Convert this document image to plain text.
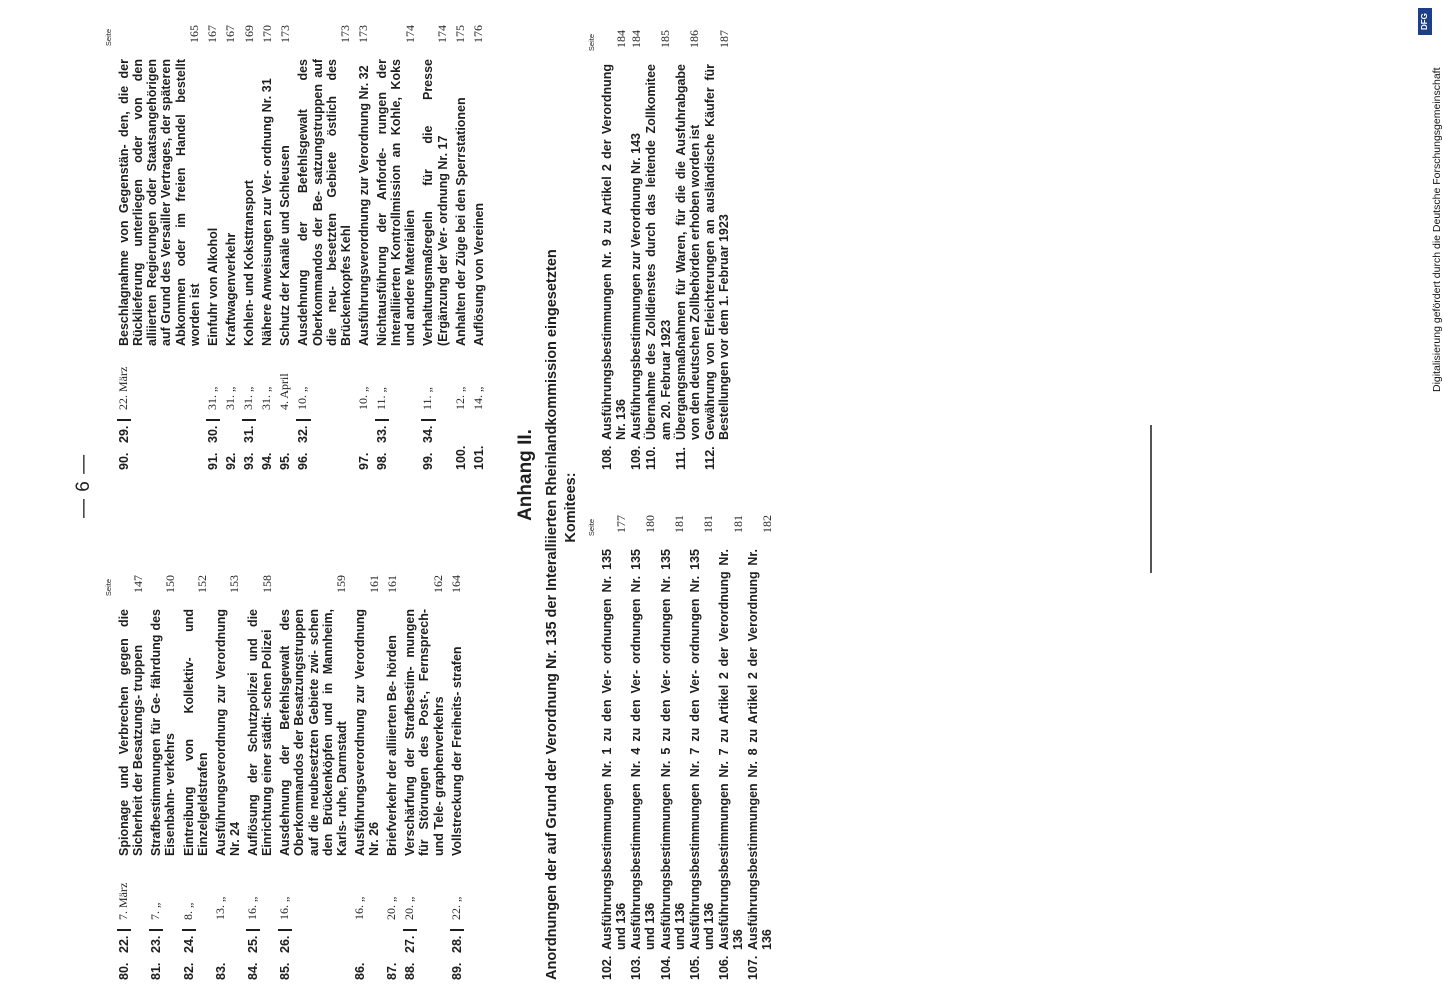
— 6 —
Seite
80.
22.
7. März
Spionage und Verbrechen gegen die Sicherheit der Besatzungs- truppen
147
81.
23.
7. „
Strafbestimmungen für Ge- fährdung des Eisenbahn- verkehrs
150
82.
24.
8. „
Eintreibung von Kollektiv- und Einzelgeldstrafen
152
83.
13. „
Ausführungsverordnung zur Verordnung Nr. 24
153
84.
25.
16. „
Auflösung der Schutzpolizei und die Einrichtung einer städti- schen Polizei
158
85.
26.
16. „
Ausdehnung der Befehlsgewalt des Oberkommandos der Besatzungstruppen auf die neubesetzten Gebiete zwi- schen den Brückenköpfen und in Mannheim, Karls- ruhe, Darmstadt
159
86.
16. „
Ausführungsverordnung zur Verordnung Nr. 26
161
87.
20. „
Briefverkehr der alliierten Be- hörden
161
88.
27.
20. „
Verschärfung der Strafbestim- mungen für Störungen des Post-, Fernsprech- und Tele- graphenverkehrs
162
89.
28.
22. „
Vollstreckung der Freiheits- strafen
164
Seite
90.
29.
22. März
Beschlagnahme von Gegenstän- den, die der Rücklieferung unterliegen oder von den alliierten Regierungen oder Staatsangehörigen auf Grund des Versailler Vertrages, der späteren Abkommen oder im freien Handel bestellt worden ist
165
91.
30.
31. „
Einfuhr von Alkohol
167
92.
31. „
Kraftwagenverkehr
167
93.
31.
31. „
Kohlen- und Koksttransport
169
94.
31. „
Nähere Anweisungen zur Ver- ordnung Nr. 31
170
95.
4. April
Schutz der Kanäle und Schleusen
173
96.
32.
10. „
Ausdehnung der Befehlsgewalt des Oberkommandos der Be- satzungstruppen auf die neu- besetzten Gebiete östlich des Brückenkopfes Kehl
173
97.
10. „
Ausführungsverordnung zur Verordnung Nr. 32
173
98.
33.
11. „
Nichtausführung der Anforde- rungen der Interalliierten Kontrollmission an Kohle, Koks und andere Materialien
174
99.
34.
11. „
Verhaltungsmaßregeln für die Presse (Ergänzung der Ver- ordnung Nr. 17
174
100.
12. „
Anhalten der Züge bei den Sperrstationen
175
101.
14. „
Auflösung von Vereinen
176
Anhang II. Anordnungen der auf Grund der Verordnung Nr. 135 der Interalliierten Rheinlandkommission eingesetzten Komitees: Seite
102.
Ausführungsbestimmungen Nr. 1 zu den Ver- ordnungen Nr. 135 und 136
177
103.
Ausführungsbestimmungen Nr. 4 zu den Ver- ordnungen Nr. 135 und 136
180
104.
Ausführungsbestimmungen Nr. 5 zu den Ver- ordnungen Nr. 135 und 136
181
105.
Ausführungsbestimmungen Nr. 7 zu den Ver- ordnungen Nr. 135 und 136
181
106.
Ausführungsbestimmungen Nr. 7 zu Artikel 2 der Verordnung Nr. 136
181
107.
Ausführungsbestimmungen Nr. 8 zu Artikel 2 der Verordnung Nr. 136
182
Seite
108.
Ausführungsbestimmungen Nr. 9 zu Artikel 2 der Verordnung Nr. 136
184
109.
Ausführungsbestimmungen zur Verordnung Nr. 143
184
110.
Übernahme des Zolldienstes durch das leitende Zollkomitee am 20. Februar 1923
185
111.
Übergangsmaßnahmen für Waren, für die die Ausfuhrabgabe von den deutschen Zollbehörden erhoben worden ist
186
112.
Gewährung von Erleichterungen an ausländische Käufer für Bestellungen vor dem 1. Februar 1923
187
DFG
Digitalisierung gefördert durch die Deutsche Forschungsgemeinschaft
